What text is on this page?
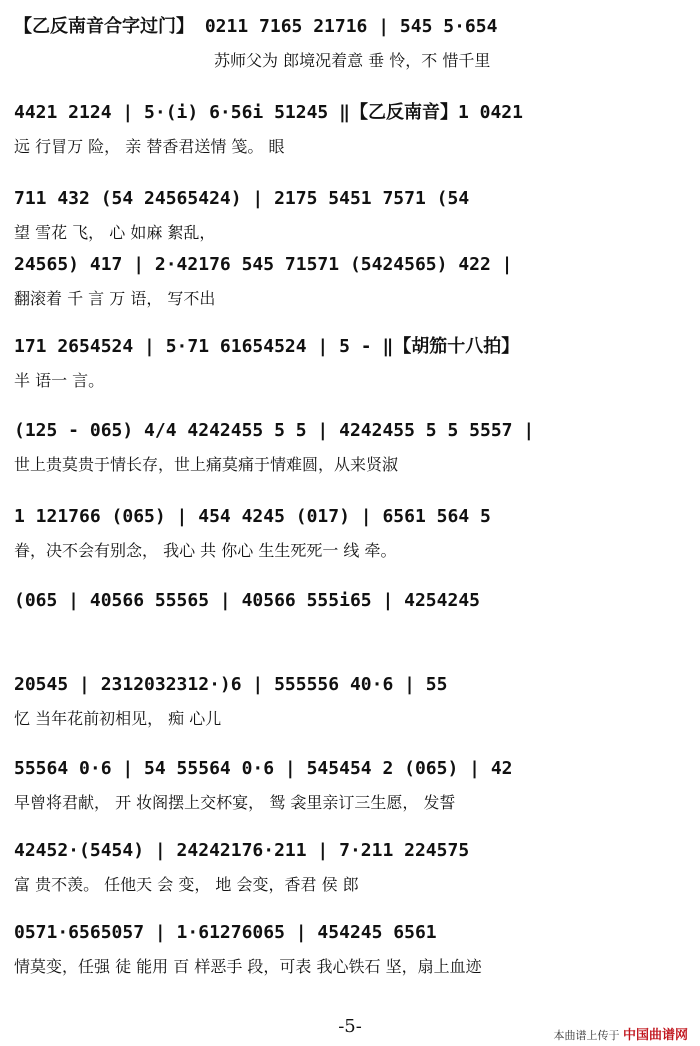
【乙反南音合字过门】 0211 7165 21716 | 545 5·654
苏师父为 郎境况着意 垂 怜，不 惜千里
4421 2124 | 5·(i) 6·56i 51245 ‖【乙反南音】1 0421
远 行冒万 险， 亲 替香君送情 笺。 眼
711 432 (54 24565424) | 2175 5451 7571 (54
望 雪花 飞， 心 如麻 絮乱，
24565) 417 | 2·42176 545 71571 (5424565) 422 |
翻滚着 千 言 万 语， 写不出
171 2654524 | 5·71 61654524 | 5 - ‖【胡笳十八拍】
半 语一 言。
(125 - 065) 4/4 4242455 5 5 | 4242455 5 5 5557 |
世上贵莫贵于情长存，世上痛莫痛于情难圆，从来贤淑
1 121766 (065) | 454 4245 (017) | 6561 564 5
眷，决不会有别念， 我心 共 你心 生生死死一 线 牵。
(065 | 40566 55565 | 40566 555i65 | 4254245
20545 | 2312032312·)6 | 555556 40·6 | 55
忆 当年花前初相见， 痴 心儿
55564 0·6 | 54 55564 0·6 | 545454 2 (065) | 42
早曾将君献， 开 妆阁摆上交杯宴， 鸳 衾里亲订三生愿， 发誓
42452·(5454) | 24242176·211 | 7·211 224575
富 贵不羡。 任他天 会 变， 地 会变，香君 侯 郎
0571·6565057 | 1·61276065 | 454245 6561
情莫变，任强 徒 能用 百 样恶手 段，可表 我心铁石 坚，扇上血迹
-5-	本曲谱上传于 中国曲谱网
